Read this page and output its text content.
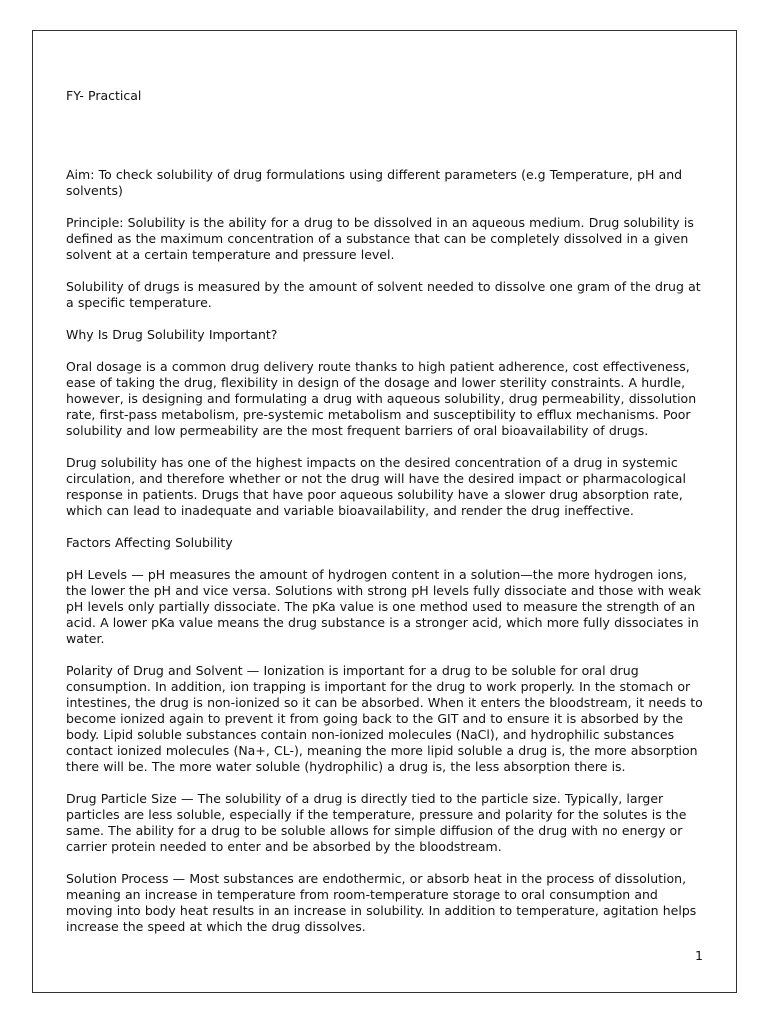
FY- Practical

Aim: To check solubility of drug formulations using different parameters (e.g Temperature, pH and solvents)

Principle: Solubility is the ability for a drug to be dissolved in an aqueous medium. Drug solubility is defined as the maximum concentration of a substance that can be completely dissolved in a given solvent at a certain temperature and pressure level.

Solubility of drugs is measured by the amount of solvent needed to dissolve one gram of the drug at a specific temperature.

Why Is Drug Solubility Important?

Oral dosage is a common drug delivery route thanks to high patient adherence, cost effectiveness, ease of taking the drug, flexibility in design of the dosage and lower sterility constraints. A hurdle, however, is designing and formulating a drug with aqueous solubility, drug permeability, dissolution rate, first-pass metabolism, pre-systemic metabolism and susceptibility to efflux mechanisms. Poor solubility and low permeability are the most frequent barriers of oral bioavailability of drugs.

Drug solubility has one of the highest impacts on the desired concentration of a drug in systemic circulation, and therefore whether or not the drug will have the desired impact or pharmacological response in patients. Drugs that have poor aqueous solubility have a slower drug absorption rate, which can lead to inadequate and variable bioavailability, and render the drug ineffective.

Factors Affecting Solubility

pH Levels — pH measures the amount of hydrogen content in a solution—the more hydrogen ions, the lower the pH and vice versa. Solutions with strong pH levels fully dissociate and those with weak pH levels only partially dissociate. The pKa value is one method used to measure the strength of an acid. A lower pKa value means the drug substance is a stronger acid, which more fully dissociates in water.

Polarity of Drug and Solvent — Ionization is important for a drug to be soluble for oral drug consumption. In addition, ion trapping is important for the drug to work properly. In the stomach or intestines, the drug is non-ionized so it can be absorbed. When it enters the bloodstream, it needs to become ionized again to prevent it from going back to the GIT and to ensure it is absorbed by the body. Lipid soluble substances contain non-ionized molecules (NaCl), and hydrophilic substances contact ionized molecules (Na+, CL-), meaning the more lipid soluble a drug is, the more absorption there will be. The more water soluble (hydrophilic) a drug is, the less absorption there is.

Drug Particle Size — The solubility of a drug is directly tied to the particle size. Typically, larger particles are less soluble, especially if the temperature, pressure and polarity for the solutes is the same. The ability for a drug to be soluble allows for simple diffusion of the drug with no energy or carrier protein needed to enter and be absorbed by the bloodstream.

Solution Process — Most substances are endothermic, or absorb heat in the process of dissolution, meaning an increase in temperature from room-temperature storage to oral consumption and moving into body heat results in an increase in solubility. In addition to temperature, agitation helps increase the speed at which the drug dissolves.

1
